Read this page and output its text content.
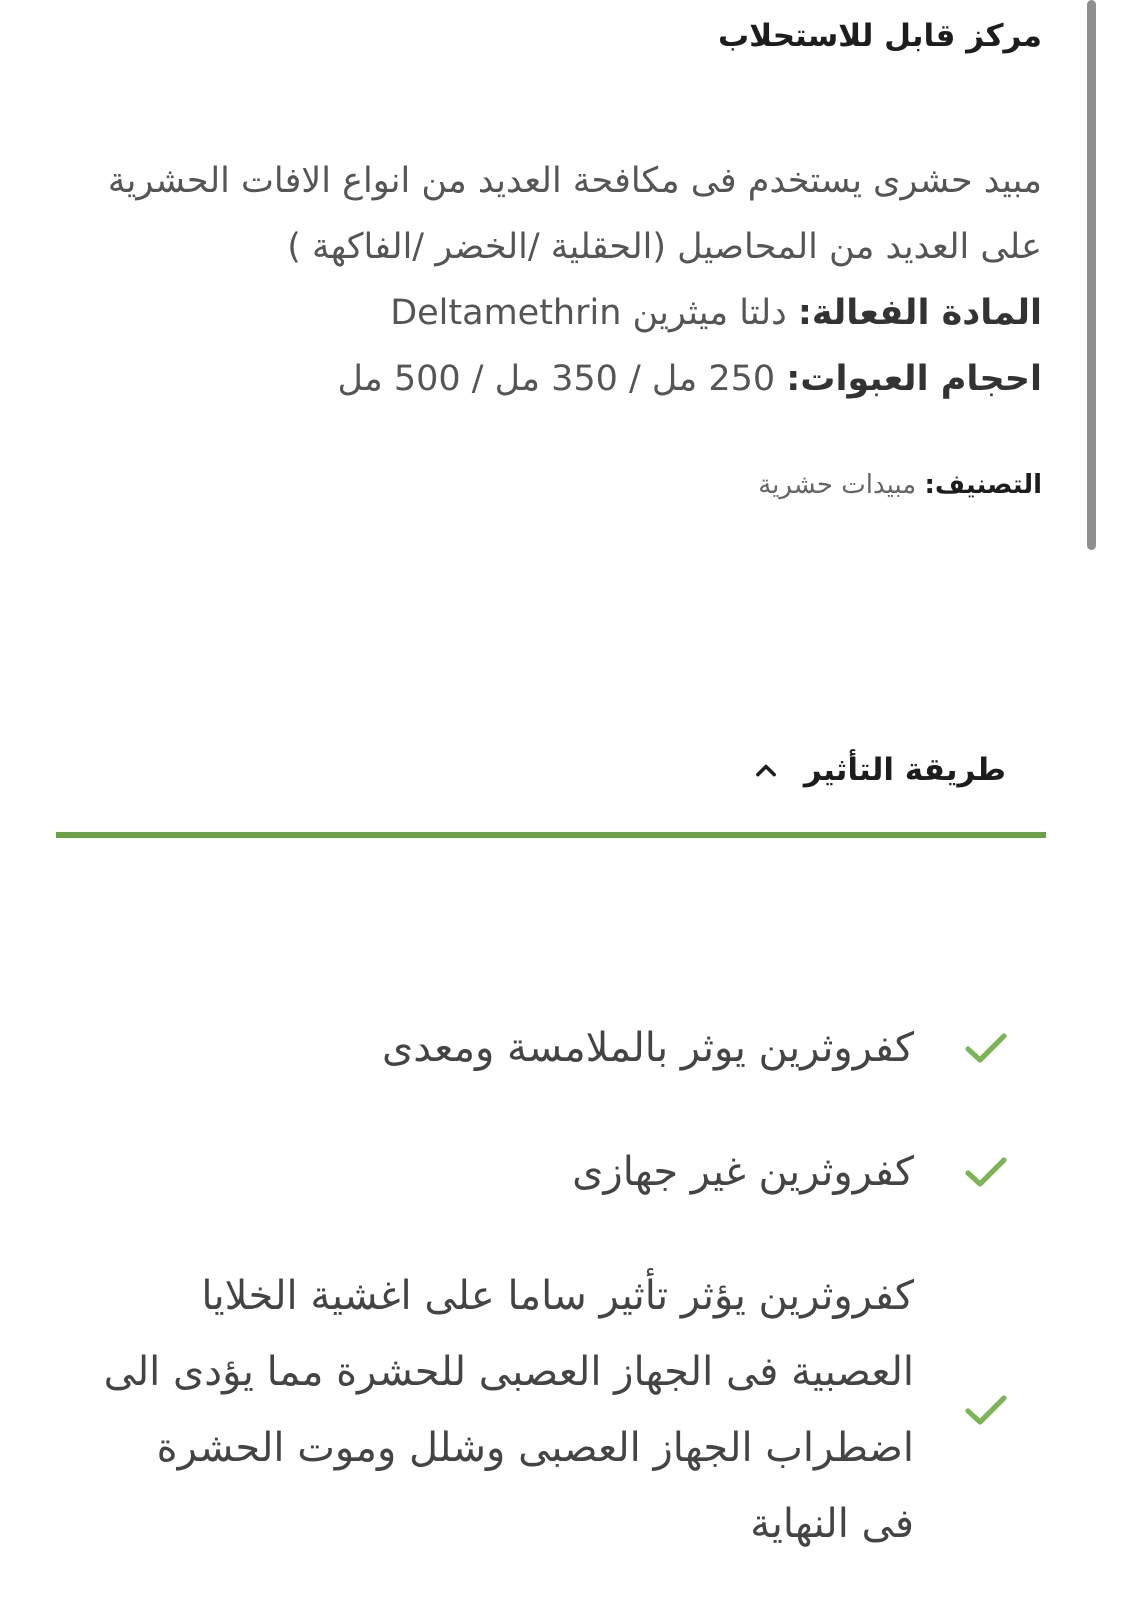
مركز قابل للاستحلاب
مبيد حشرى يستخدم فى مكافحة العديد من انواع الافات الحشرية على العديد من المحاصيل (الحقلية /الخضر /الفاكهة )
المادة الفعالة: دلتا ميثرين Deltamethrin
احجام العبوات: 250 مل / 350 مل / 500 مل
التصنيف: مبيدات حشرية
طريقة التأثير
كفروثرين يوثر بالملامسة ومعدى
كفروثرين غير جهازى
كفروثرين يؤثر تأثير ساما على اغشية الخلايا العصبية فى الجهاز العصبى للحشرة مما يؤدى الى اضطراب الجهاز العصبى وشلل وموت الحشرة فى النهاية
